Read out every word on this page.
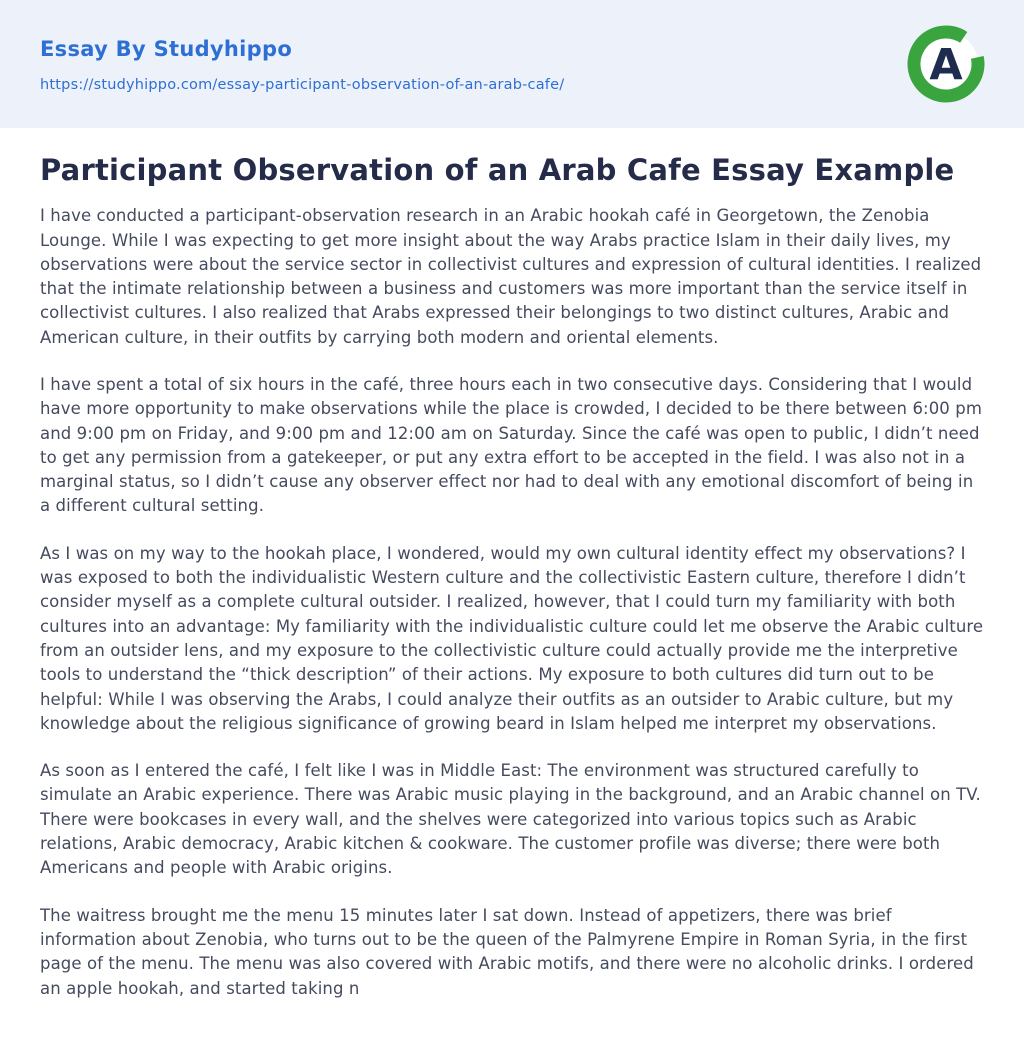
Essay By Studyhippo
https://studyhippo.com/essay-participant-observation-of-an-arab-cafe/	A
Participant Observation of an Arab Cafe Essay Example

I have conducted a participant-observation research in an Arabic hookah café in Georgetown, the Zenobia Lounge. While I was expecting to get more insight about the way Arabs practice Islam in their daily lives, my observations were about the service sector in collectivist cultures and expression of cultural identities. I realized that the intimate relationship between a business and customers was more important than the service itself in collectivist cultures. I also realized that Arabs expressed their belongings to two distinct cultures, Arabic and American culture, in their outfits by carrying both modern and oriental elements.

I have spent a total of six hours in the café, three hours each in two consecutive days. Considering that I would have more opportunity to make observations while the place is crowded, I decided to be there between 6:00 pm and 9:00 pm on Friday, and 9:00 pm and 12:00 am on Saturday. Since the café was open to public, I didn’t need to get any permission from a gatekeeper, or put any extra effort to be accepted in the field. I was also not in a marginal status, so I didn’t cause any observer effect nor had to deal with any emotional discomfort of being in a different cultural setting.

As I was on my way to the hookah place, I wondered, would my own cultural identity effect my observations? I was exposed to both the individualistic Western culture and the collectivistic Eastern culture, therefore I didn’t consider myself as a complete cultural outsider. I realized, however, that I could turn my familiarity with both cultures into an advantage: My familiarity with the individualistic culture could let me observe the Arabic culture from an outsider lens, and my exposure to the collectivistic culture could actually provide me the interpretive tools to understand the “thick description” of their actions. My exposure to both cultures did turn out to be helpful: While I was observing the Arabs, I could analyze their outfits as an outsider to Arabic culture, but my knowledge about the religious significance of growing beard in Islam helped me interpret my observations.

As soon as I entered the café, I felt like I was in Middle East: The environment was structured carefully to simulate an Arabic experience. There was Arabic music playing in the background, and an Arabic channel on TV. There were bookcases in every wall, and the shelves were categorized into various topics such as Arabic relations, Arabic democracy, Arabic kitchen & cookware. The customer profile was diverse; there were both Americans and people with Arabic origins.

The waitress brought me the menu 15 minutes later I sat down. Instead of appetizers, there was brief information about Zenobia, who turns out to be the queen of the Palmyrene Empire in Roman Syria, in the first page of the menu. The menu was also covered with Arabic motifs, and there were no alcoholic drinks. I ordered an apple hookah, and started taking n
